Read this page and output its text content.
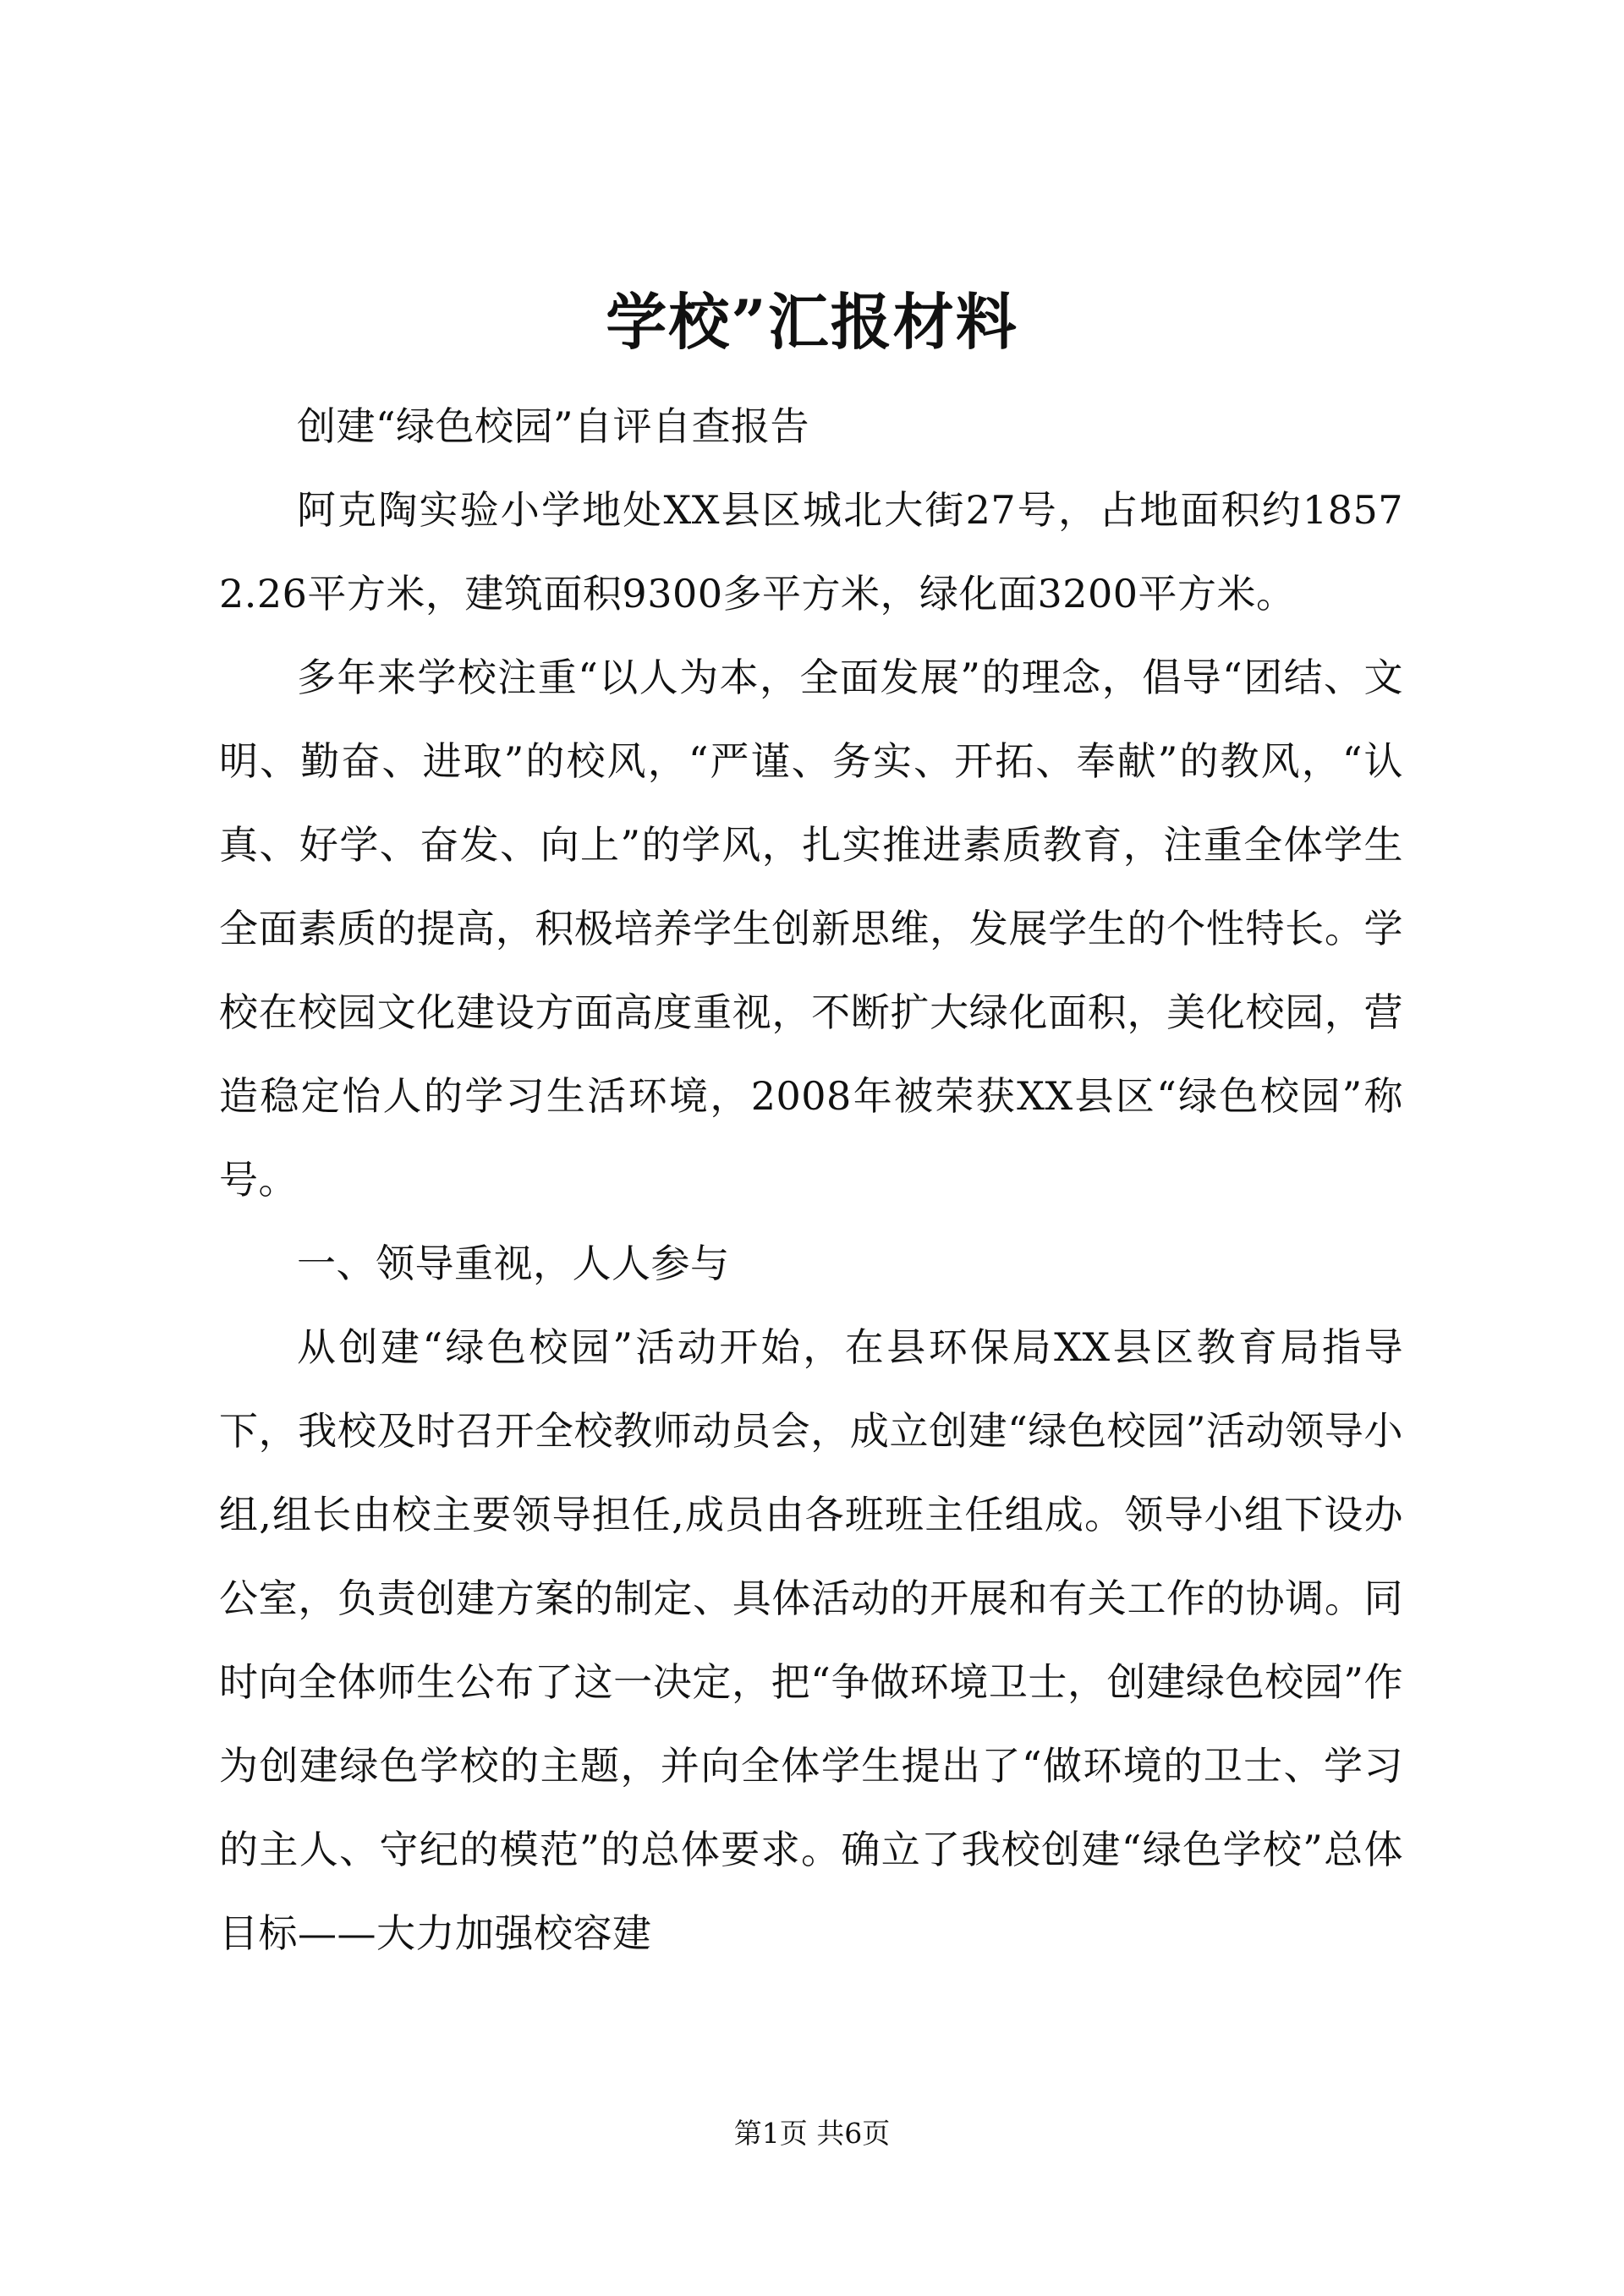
学校”汇报材料

创建“绿色校园”自评自查报告

阿克陶实验小学地处XX县区城北大街27号，占地面积约18572.26平方米，建筑面积9300多平方米，绿化面3200平方米。

多年来学校注重“以人为本，全面发展”的理念，倡导“团结、文明、勤奋、进取”的校风，“严谨、务实、开拓、奉献”的教风，“认真、好学、奋发、向上”的学风，扎实推进素质教育，注重全体学生全面素质的提高，积极培养学生创新思维，发展学生的个性特长。学校在校园文化建设方面高度重视，不断扩大绿化面积，美化校园，营造稳定怡人的学习生活环境，2008年被荣获XX县区“绿色校园”称号。

一、领导重视，人人参与

从创建“绿色校园”活动开始，在县环保局XX县区教育局指导下，我校及时召开全校教师动员会，成立创建“绿色校园”活动领导小组,组长由校主要领导担任,成员由各班班主任组成。领导小组下设办公室，负责创建方案的制定、具体活动的开展和有关工作的协调。同时向全体师生公布了这一决定，把“争做环境卫士，创建绿色校园”作为创建绿色学校的主题，并向全体学生提出了“做环境的卫士、学习的主人、守纪的模范”的总体要求。确立了我校创建“绿色学校”总体目标——大力加强校容建

第1页 共6页
